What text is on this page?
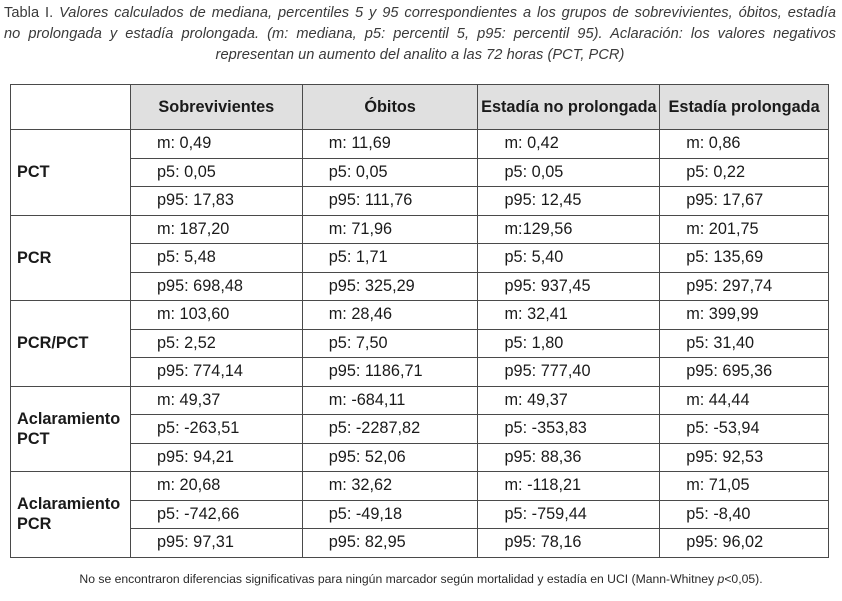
Tabla I. Valores calculados de mediana, percentiles 5 y 95 correspondientes a los grupos de sobrevivientes, óbitos, estadía
no prolongada y estadía prolongada. (m: mediana, p5: percentil 5, p95: percentil 95). Aclaración: los valores negativos
representan un aumento del analito a las 72 horas (PCT, PCR)
	Sobrevivientes	Óbitos	Estadía no prolongada	Estadía prolongada
PCT	m: 0,49	m: 11,69	m: 0,42	m: 0,86
	p5: 0,05	p5: 0,05	p5: 0,05	p5: 0,22
	p95: 17,83	p95: 111,76	p95: 12,45	p95: 17,67
PCR	m: 187,20	m: 71,96	m:129,56	m: 201,75
	p5: 5,48	p5: 1,71	p5: 5,40	p5: 135,69
	p95: 698,48	p95: 325,29	p95: 937,45	p95: 297,74
PCR/PCT	m: 103,60	m: 28,46	m: 32,41	m: 399,99
	p5: 2,52	p5: 7,50	p5: 1,80	p5: 31,40
	p95: 774,14	p95: 1186,71	p95: 777,40	p95: 695,36
Aclaramiento PCT	m: 49,37	m: -684,11	m: 49,37	m: 44,44
	p5: -263,51	p5: -2287,82	p5: -353,83	p5: -53,94
	p95: 94,21	p95: 52,06	p95: 88,36	p95: 92,53
Aclaramiento PCR	m: 20,68	m: 32,62	m: -118,21	m: 71,05
	p5: -742,66	p5: -49,18	p5: -759,44	p5: -8,40
	p95: 97,31	p95: 82,95	p95: 78,16	p95: 96,02
No se encontraron diferencias significativas para ningún marcador según mortalidad y estadía en UCI (Mann-Whitney p<0,05).
